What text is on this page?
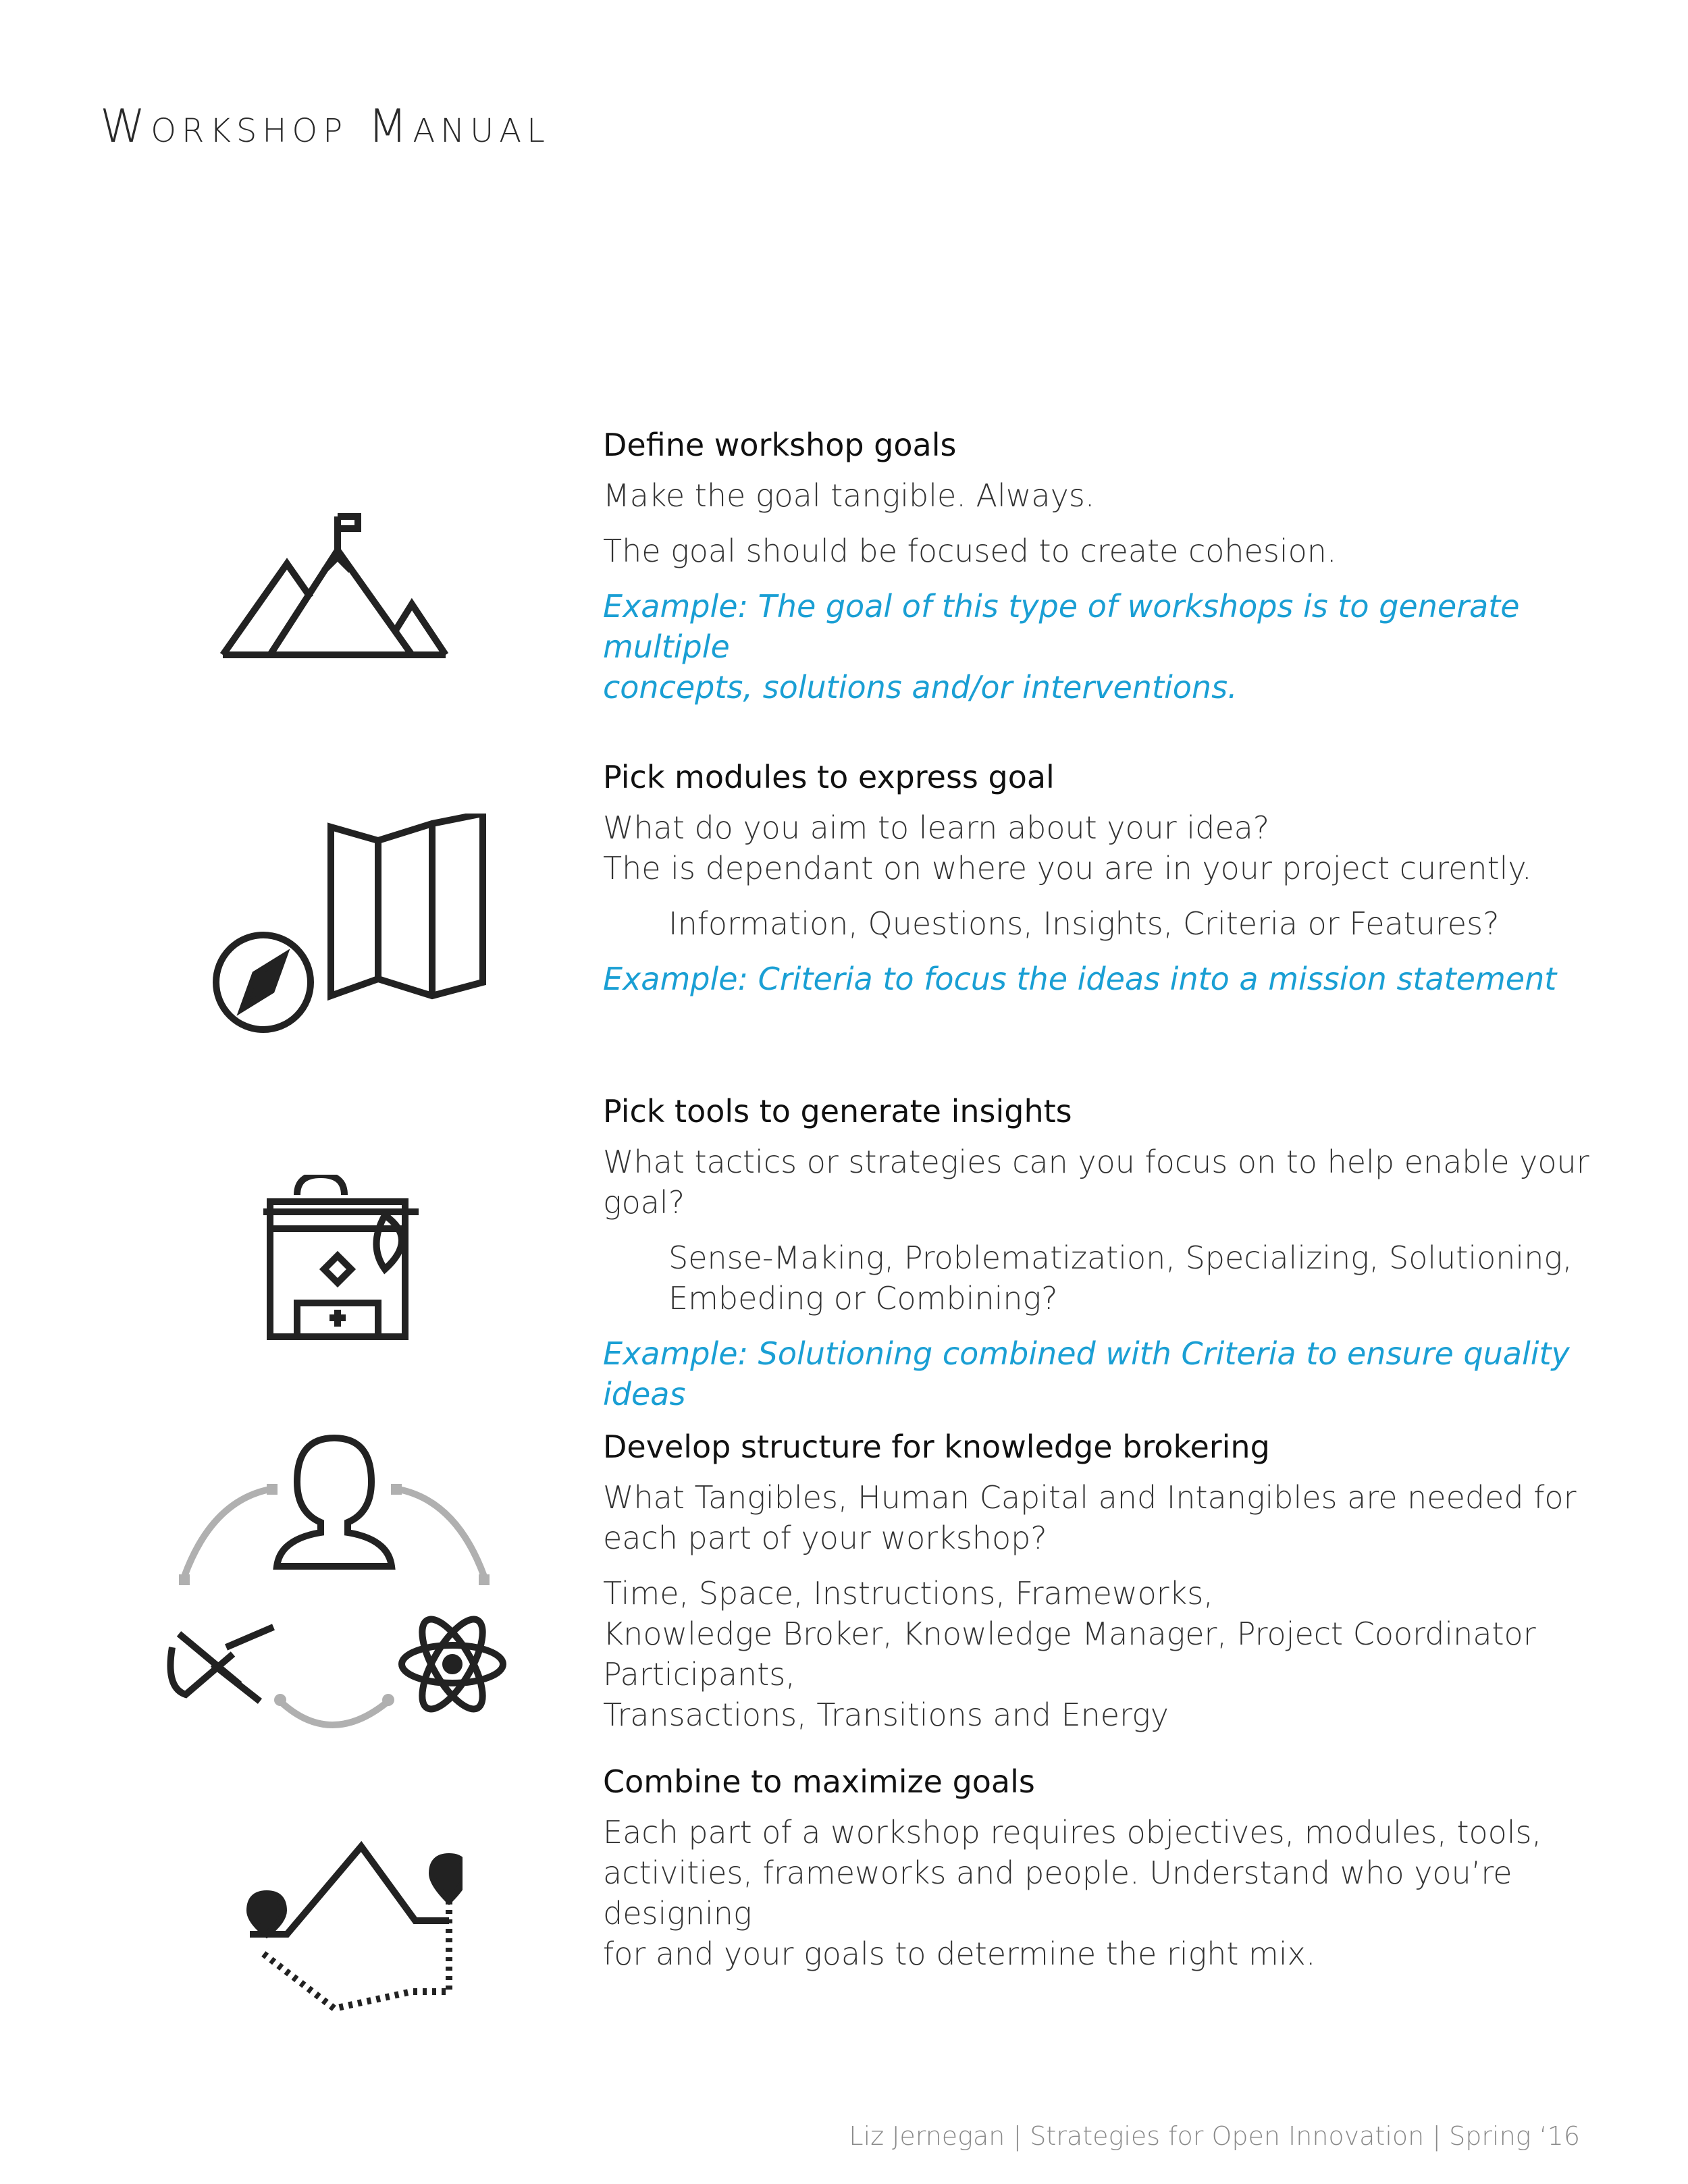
Workshop Manual

Define workshop goals

Make the goal tangible. Always.

The goal should be focused to create cohesion.

Example: The goal of this type of workshops is to generate multiple
concepts, solutions and/or interventions.

Pick modules to express goal

What do you aim to learn about your idea?

The is dependant on where you are in your project curently.

Information, Questions, Insights, Criteria or Features?

Example: Criteria to focus the ideas into a mission statement

Pick tools to generate insights

What tactics or strategies can you focus on to help enable your goal?

Sense-Making, Problematization, Specializing, Solutioning,

Embeding or Combining?

Example: Solutioning combined with Criteria to ensure quality ideas

Develop structure for knowledge brokering

What Tangibles, Human Capital and Intangibles are needed for

each part of your workshop?

Time, Space, Instructions, Frameworks,

Knowledge Broker, Knowledge Manager, Project Coordinator Participants,

Transactions, Transitions and Energy

Combine to maximize goals

Each part of a workshop requires objectives, modules, tools,

activities, frameworks and people. Understand who you’re designing

for and your goals to determine the right mix.

Liz Jernegan | Strategies for Open Innovation | Spring ‘16
